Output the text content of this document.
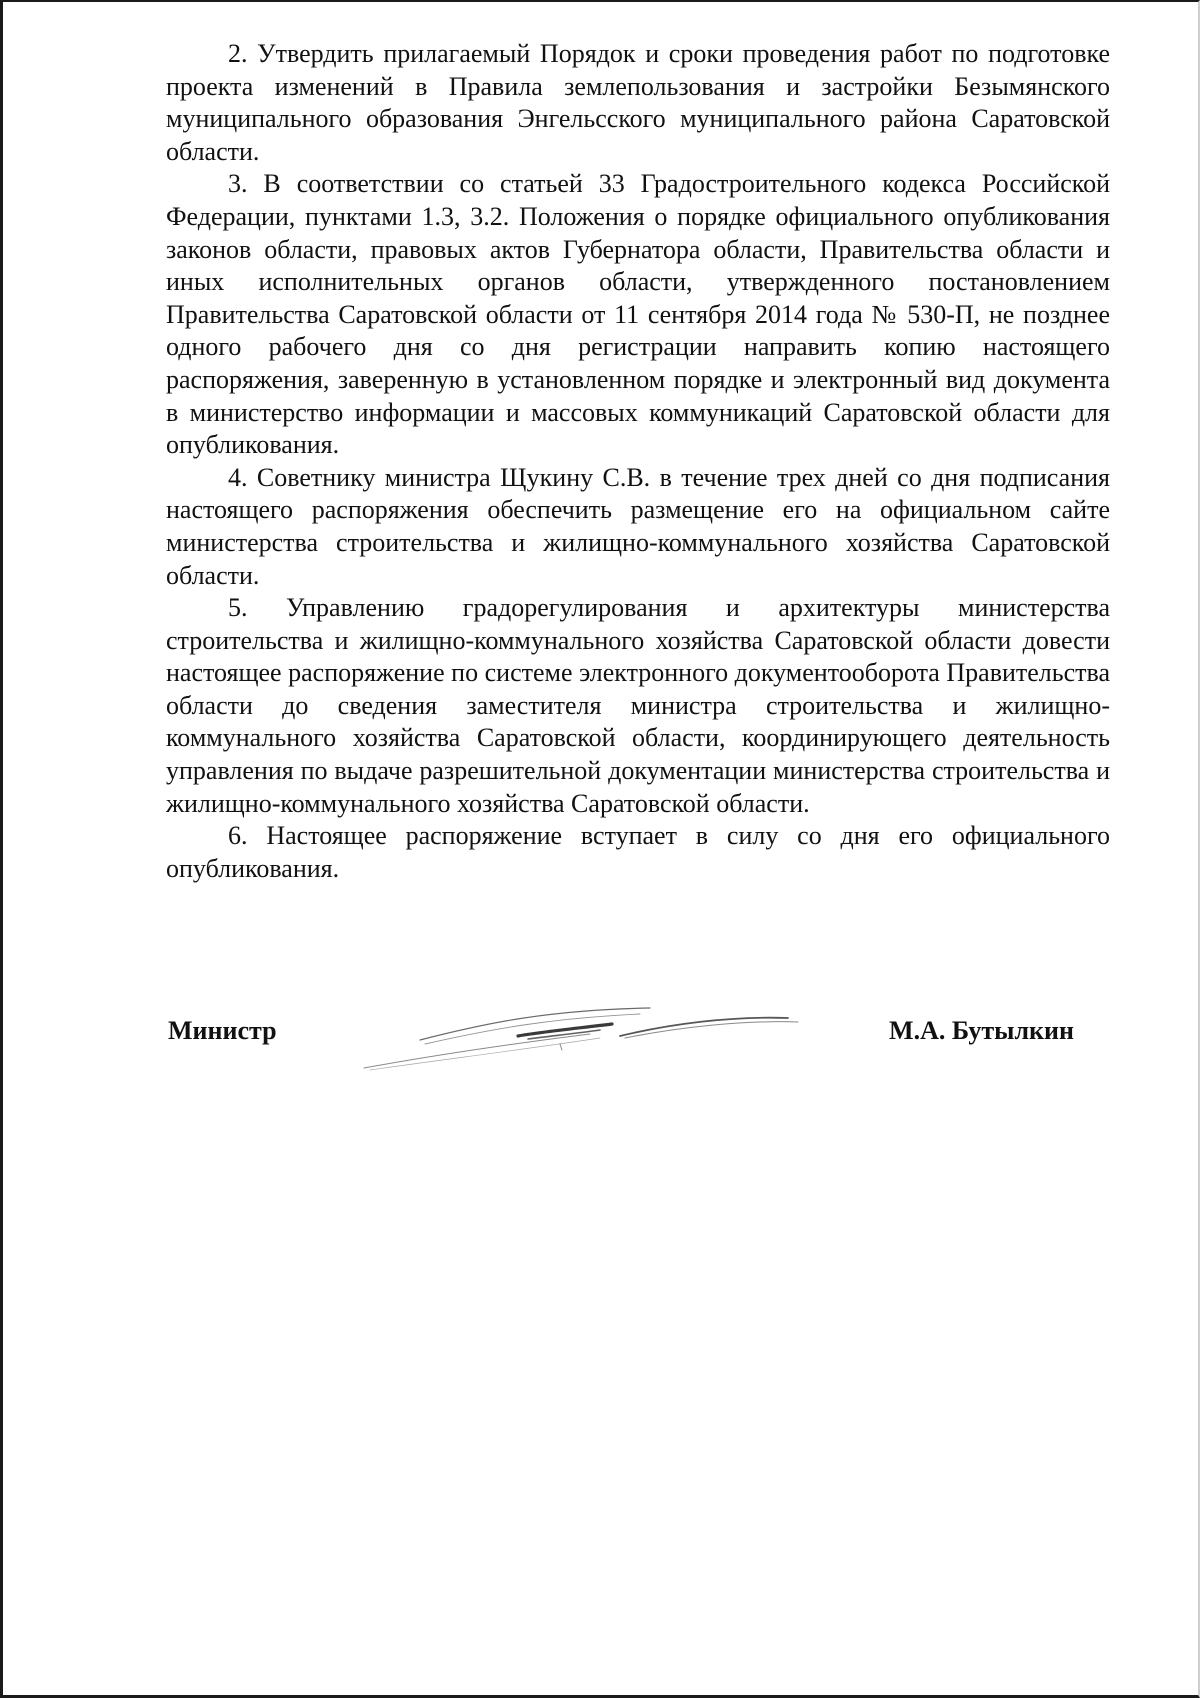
2. Утвердить прилагаемый Порядок и сроки проведения работ по подготовке проекта изменений в Правила землепользования и застройки Безымянского муниципального образования Энгельсского муниципального района Саратовской области.

3. В соответствии со статьей 33 Градостроительного кодекса Российской Федерации, пунктами 1.3, 3.2. Положения о порядке официального опубликования законов области, правовых актов Губернатора области, Правительства области и иных исполнительных органов области, утвержденного постановлением Правительства Саратовской области от 11 сентября 2014 года № 530-П, не позднее одного рабочего дня со дня регистрации направить копию настоящего распоряжения, заверенную в установленном порядке и электронный вид документа в министерство информации и массовых коммуникаций Саратовской области для опубликования.

4. Советнику министра Щукину С.В. в течение трех дней со дня подписания настоящего распоряжения обеспечить размещение его на официальном сайте министерства строительства и жилищно-коммунального хозяйства Саратовской области.

5. Управлению градорегулирования и архитектуры министерства строительства и жилищно-коммунального хозяйства Саратовской области довести настоящее распоряжение по системе электронного документооборота Правительства области до сведения заместителя министра строительства и жилищно-коммунального хозяйства Саратовской области, координирующего деятельность управления по выдаче разрешительной документации министерства строительства и жилищно-коммунального хозяйства Саратовской области.

6. Настоящее распоряжение вступает в силу со дня его официального опубликования.

Министр	М.А. Бутылкин
